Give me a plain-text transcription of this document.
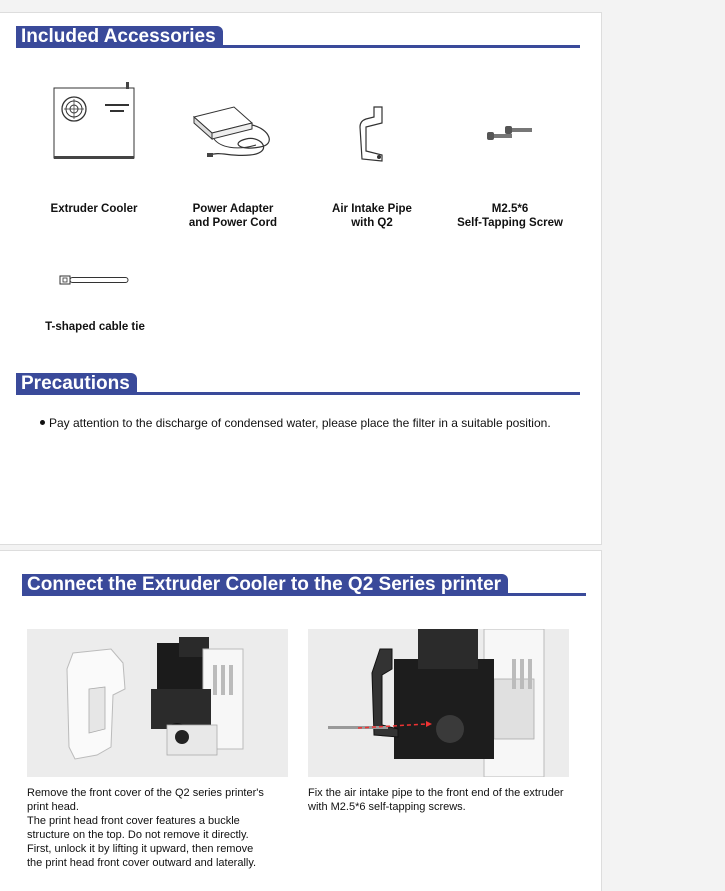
Included Accessories
Extruder Cooler	Power Adapter
and Power Cord
Air Intake Pipe
with Q2
M2.5*6
Self-Tapping Screw
T-shaped cable tie
Precautions
Pay attention to the discharge of condensed water, please place the filter in a suitable position.
Connect the Extruder Cooler to the Q2 Series printer
Remove the front cover of the Q2 series printer's
print head.
The print head front cover features a buckle
structure on the top. Do not remove it directly.
First, unlock it by lifting it upward, then remove
the print head front cover outward and laterally.
Fix the air intake pipe to the front end of the extruder
with M2.5*6 self-tapping screws.
